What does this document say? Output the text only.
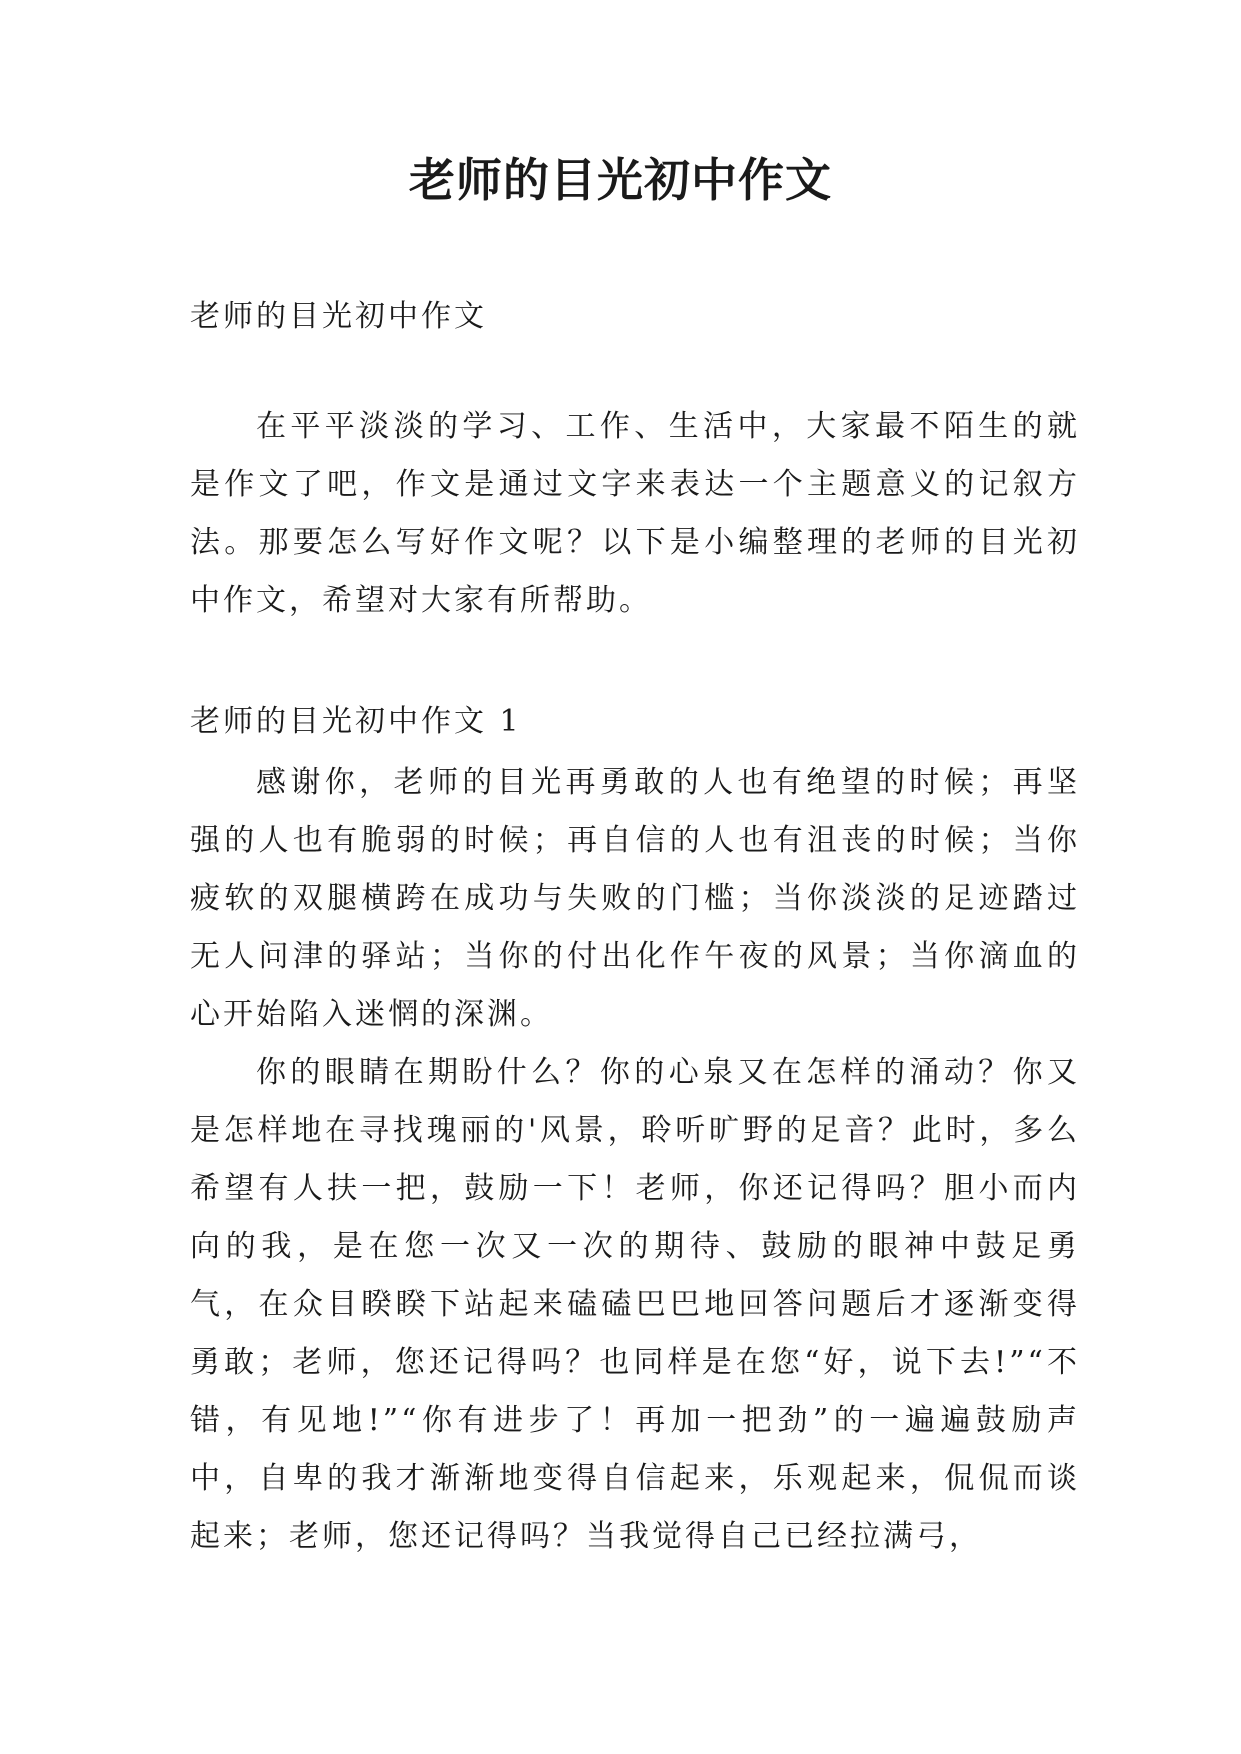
老师的目光初中作文
老师的目光初中作文

在平平淡淡的学习、工作、生活中，大家最不陌生的就是作文了吧，作文是通过文字来表达一个主题意义的记叙方法。那要怎么写好作文呢？以下是小编整理的老师的目光初中作文，希望对大家有所帮助。

老师的目光初中作文 1

感谢你，老师的目光再勇敢的人也有绝望的时候；再坚强的人也有脆弱的时候；再自信的人也有沮丧的时候；当你疲软的双腿横跨在成功与失败的门槛；当你淡淡的足迹踏过无人问津的驿站；当你的付出化作午夜的风景；当你滴血的心开始陷入迷惘的深渊。

你的眼睛在期盼什么？你的心泉又在怎样的涌动？你又是怎样地在寻找瑰丽的'风景，聆听旷野的足音？此时，多么希望有人扶一把，鼓励一下！老师，你还记得吗？胆小而内向的我，是在您一次又一次的期待、鼓励的眼神中鼓足勇气，在众目睽睽下站起来磕磕巴巴地回答问题后才逐渐变得勇敢；老师，您还记得吗？也同样是在您“好，说下去!”“不错，有见地!”“你有进步了！再加一把劲”的一遍遍鼓励声中，自卑的我才渐渐地变得自信起来，乐观起来，侃侃而谈起来；老师，您还记得吗？当我觉得自己已经拉满弓，
